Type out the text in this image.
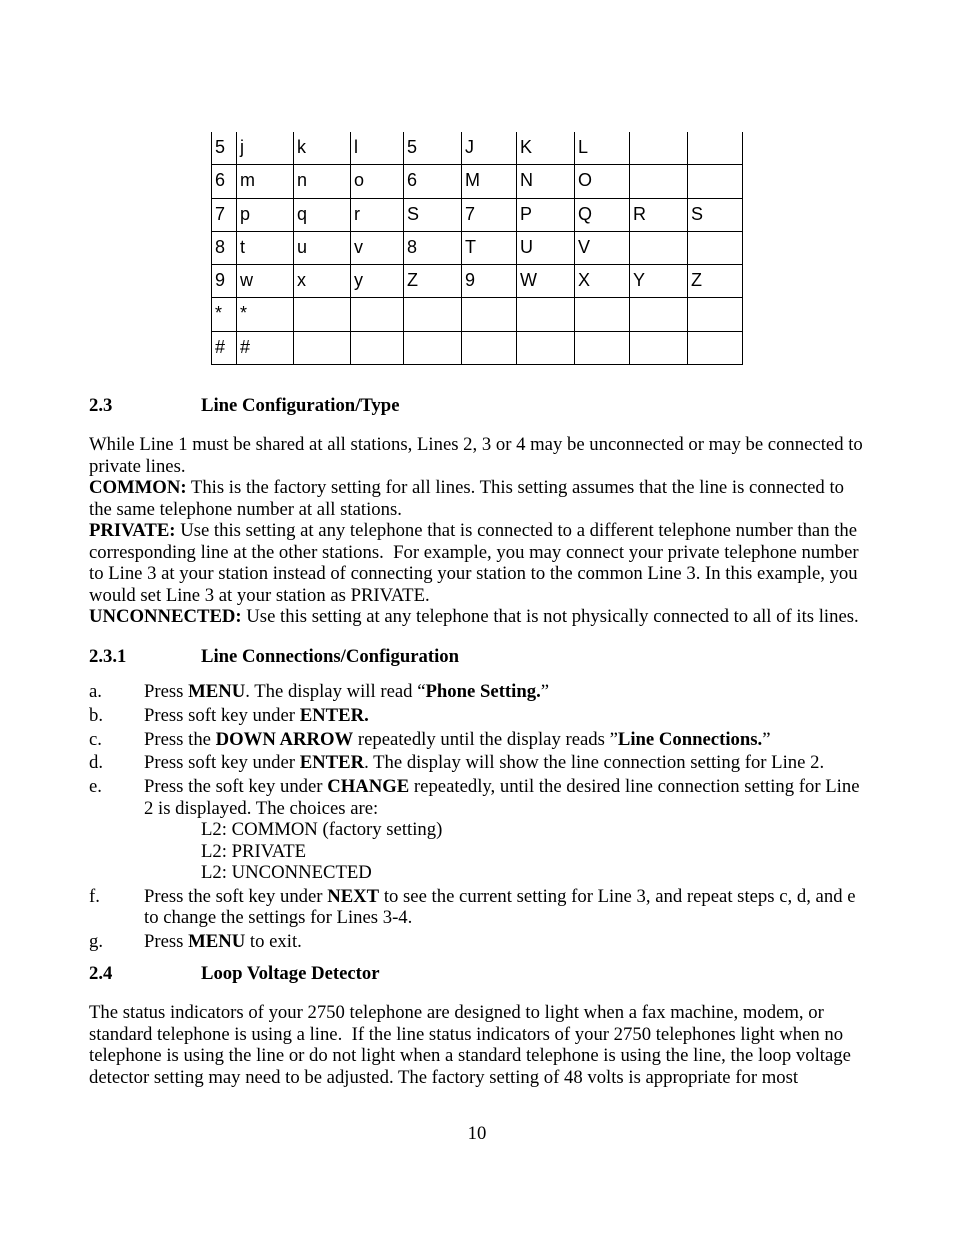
5 j	k	l	5	J	K	L
6 m	n	o	6	M	N	O
7 p	q	r	S	7	P	Q	R	S
8 t	u	v	8	T	U	V
9 w	x	y	Z	9	W	X	Y	Z
* *
# #
2.3	Line Configuration/Type
While Line 1 must be shared at all stations, Lines 2, 3 or 4 may be unconnected or may be connected to
private lines.
COMMON: This is the factory setting for all lines. This setting assumes that the line is connected to
the same telephone number at all stations.
PRIVATE: Use this setting at any telephone that is connected to a different telephone number than the
corresponding line at the other stations.  For example, you may connect your private telephone number
to Line 3 at your station instead of connecting your station to the common Line 3. In this example, you
would set Line 3 at your station as PRIVATE.
UNCONNECTED: Use this setting at any telephone that is not physically connected to all of its lines.
2.3.1	Line Connections/Configuration
a. Press MENU. The display will read “Phone Setting.”
b. Press soft key under ENTER.
c. Press the DOWN ARROW repeatedly until the display reads ”Line Connections.”
d. Press soft key under ENTER. The display will show the line connection setting for Line 2.
e. Press the soft key under CHANGE repeatedly, until the desired line connection setting for Line
2 is displayed. The choices are:
L2: COMMON (factory setting)
L2: PRIVATE
L2: UNCONNECTED
f. Press the soft key under NEXT to see the current setting for Line 3, and repeat steps c, d, and e
to change the settings for Lines 3-4.
g. Press MENU to exit.
2.4	Loop Voltage Detector
The status indicators of your 2750 telephone are designed to light when a fax machine, modem, or
standard telephone is using a line.  If the line status indicators of your 2750 telephones light when no
telephone is using the line or do not light when a standard telephone is using the line, the loop voltage
detector setting may need to be adjusted. The factory setting of 48 volts is appropriate for most
10
